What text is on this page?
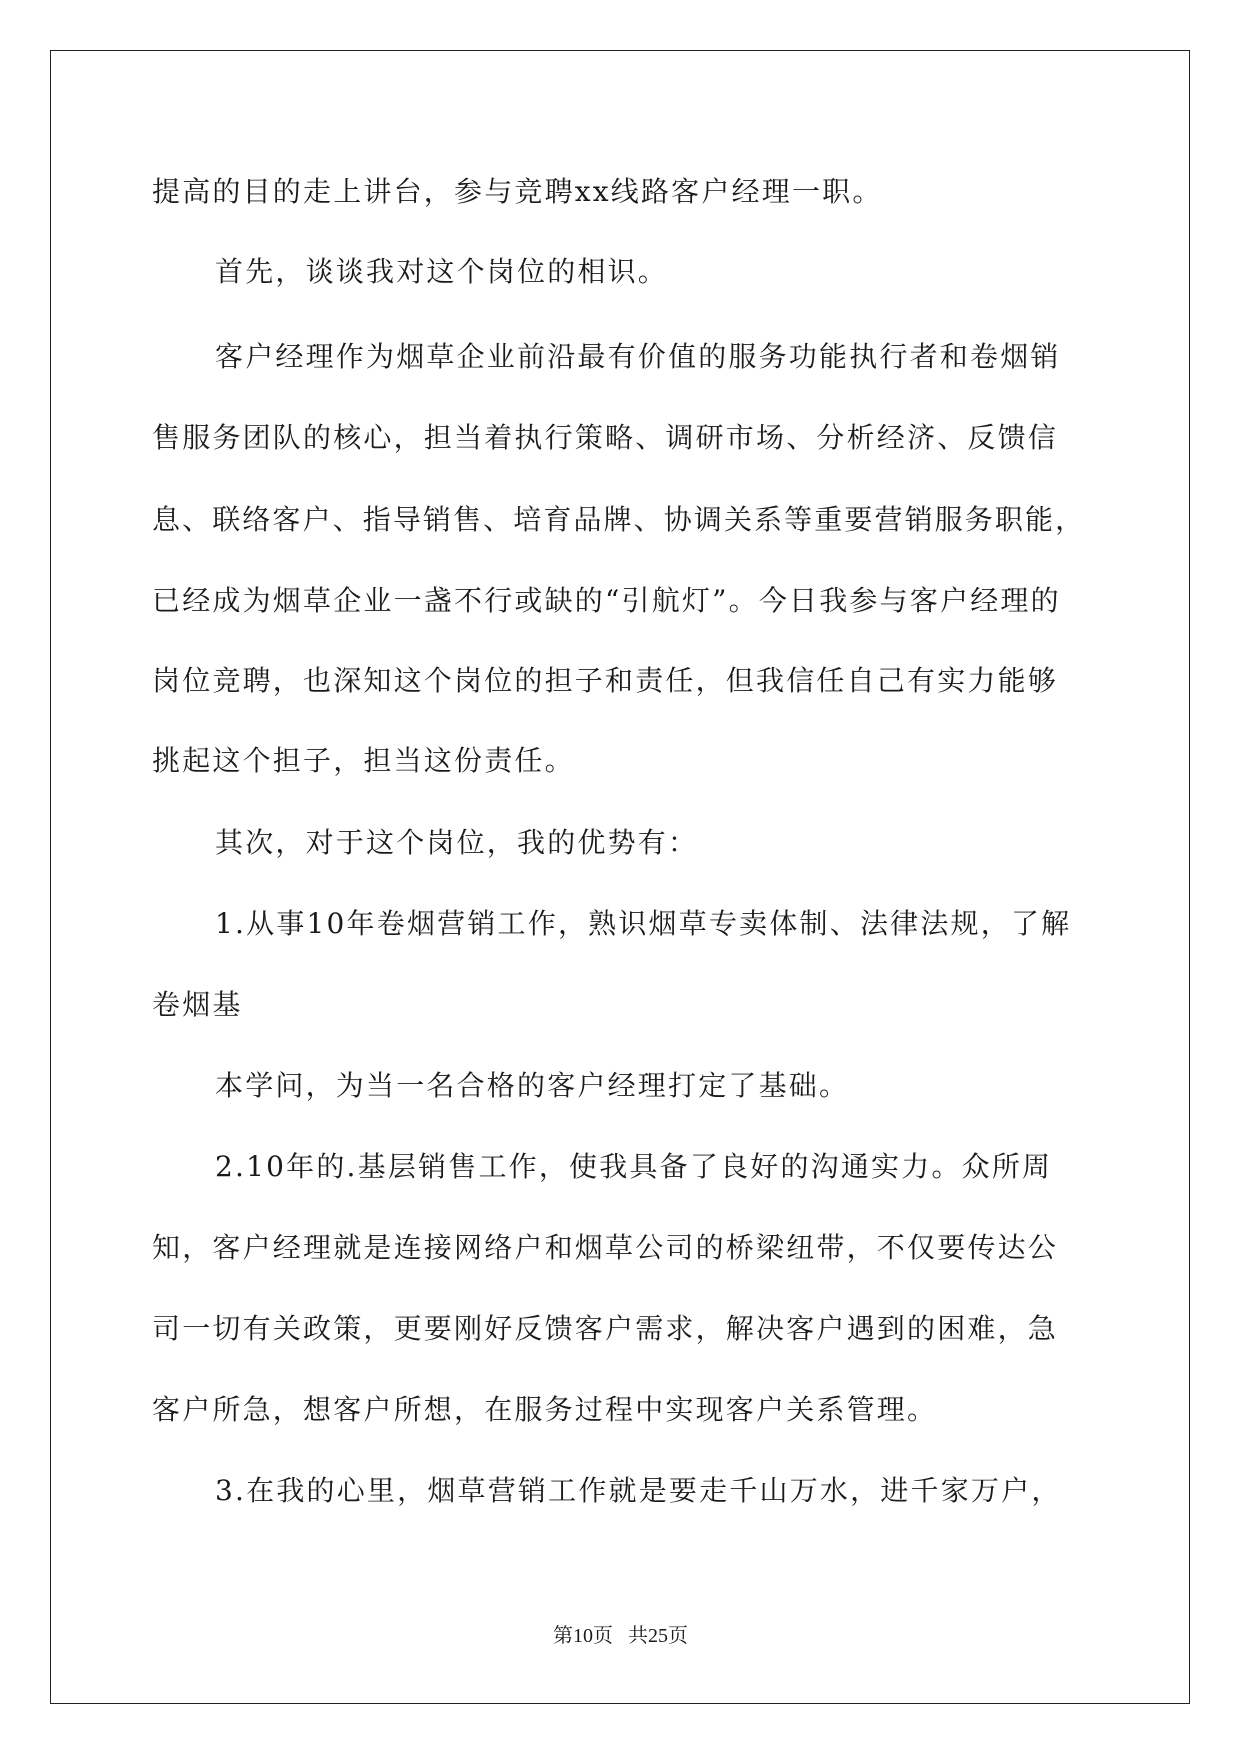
提高的目的走上讲台，参与竞聘xx线路客户经理一职。

首先，谈谈我对这个岗位的相识。

客户经理作为烟草企业前沿最有价值的服务功能执行者和卷烟销

售服务团队的核心，担当着执行策略、调研市场、分析经济、反馈信

息、联络客户、指导销售、培育品牌、协调关系等重要营销服务职能，

已经成为烟草企业一盏不行或缺的“引航灯”。今日我参与客户经理的

岗位竞聘，也深知这个岗位的担子和责任，但我信任自己有实力能够

挑起这个担子，担当这份责任。

其次，对于这个岗位，我的优势有：

1.从事10年卷烟营销工作，熟识烟草专卖体制、法律法规，了解

卷烟基

本学问，为当一名合格的客户经理打定了基础。

2.10年的.基层销售工作，使我具备了良好的沟通实力。众所周

知，客户经理就是连接网络户和烟草公司的桥梁纽带，不仅要传达公

司一切有关政策，更要刚好反馈客户需求，解决客户遇到的困难，急

客户所急，想客户所想，在服务过程中实现客户关系管理。

3.在我的心里，烟草营销工作就是要走千山万水，进千家万户，

第10页 共25页
